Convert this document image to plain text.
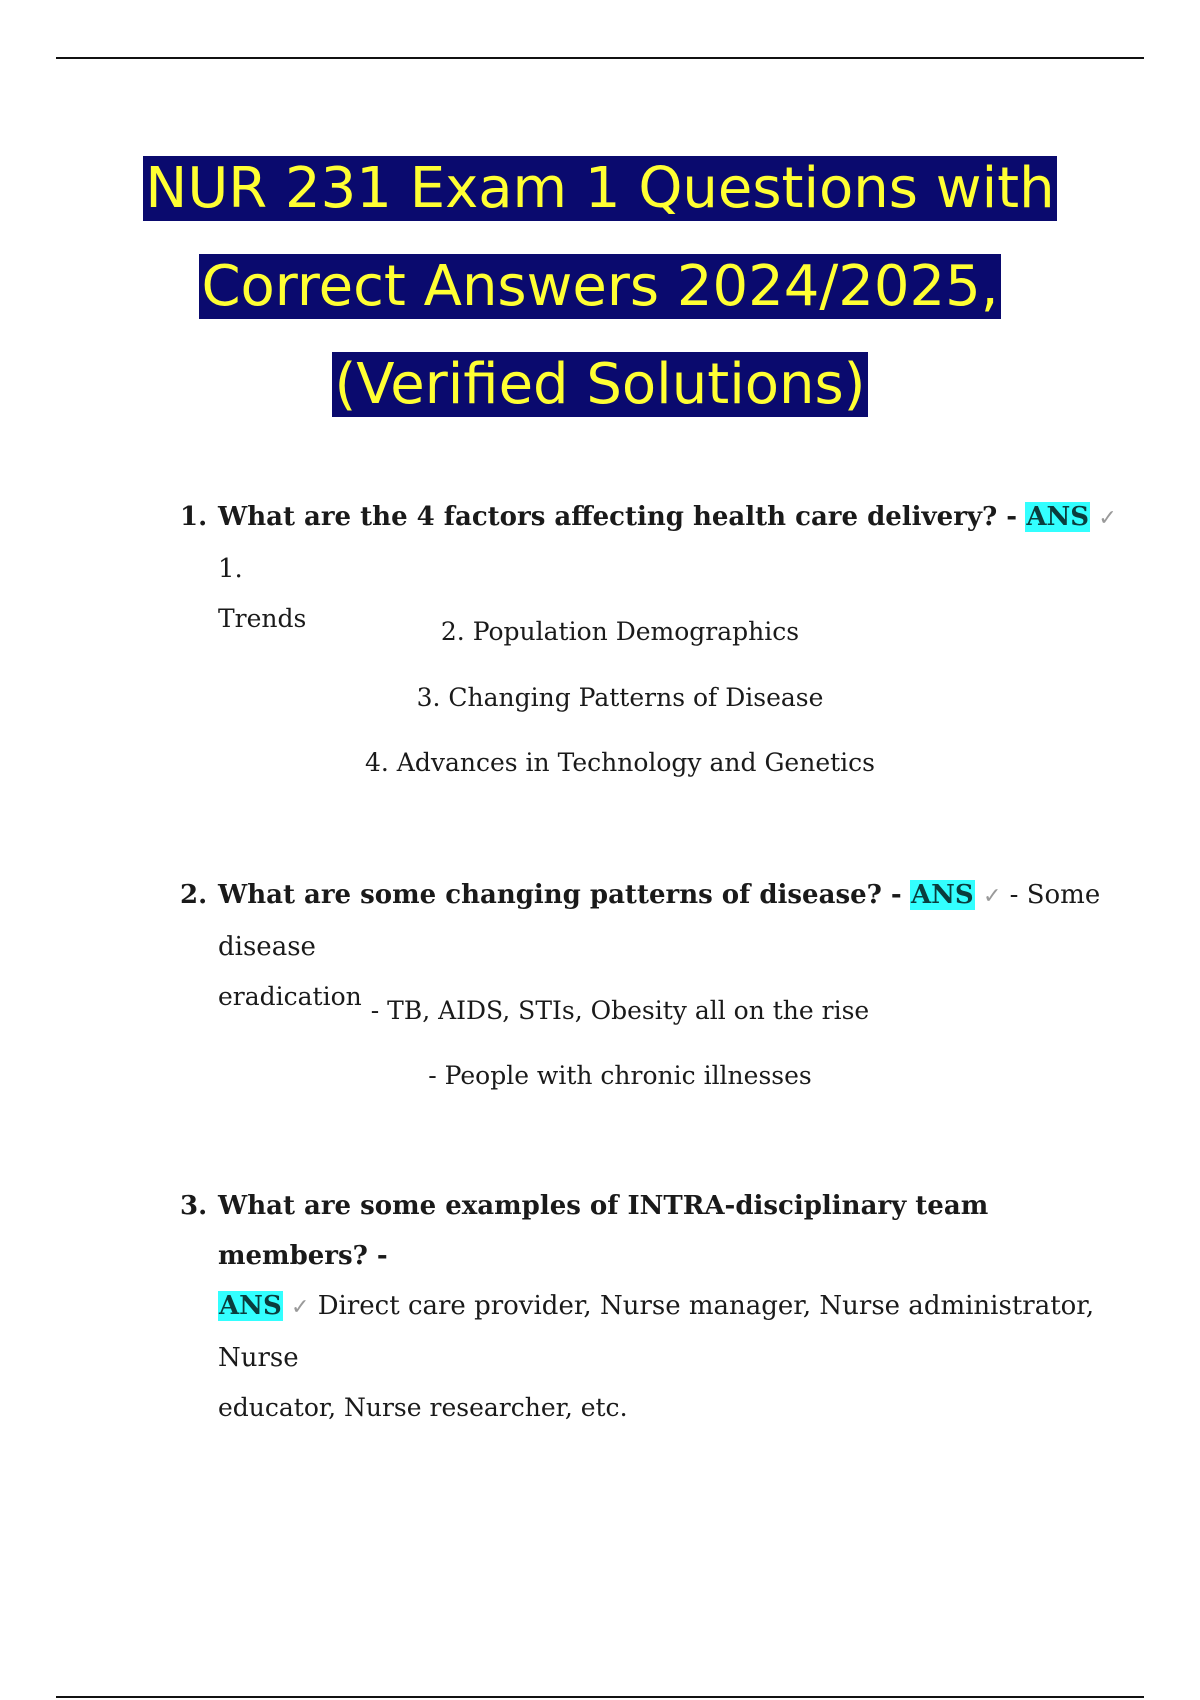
NUR 231 Exam 1 Questions with
Correct Answers 2024/2025,
(Verified Solutions)
1. What are the 4 factors affecting health care delivery? - ANS ✓ 1.
Trends	2. Population Demographics
3. Changing Patterns of Disease
4. Advances in Technology and Genetics
2. What are some changing patterns of disease? - ANS ✓ - Some disease
eradication - TB, AIDS, STIs, Obesity all on the rise
- People with chronic illnesses
3. What are some examples of INTRA-disciplinary team members? -
ANS ✓ Direct care provider, Nurse manager, Nurse administrator, Nurse
educator, Nurse researcher, etc.
